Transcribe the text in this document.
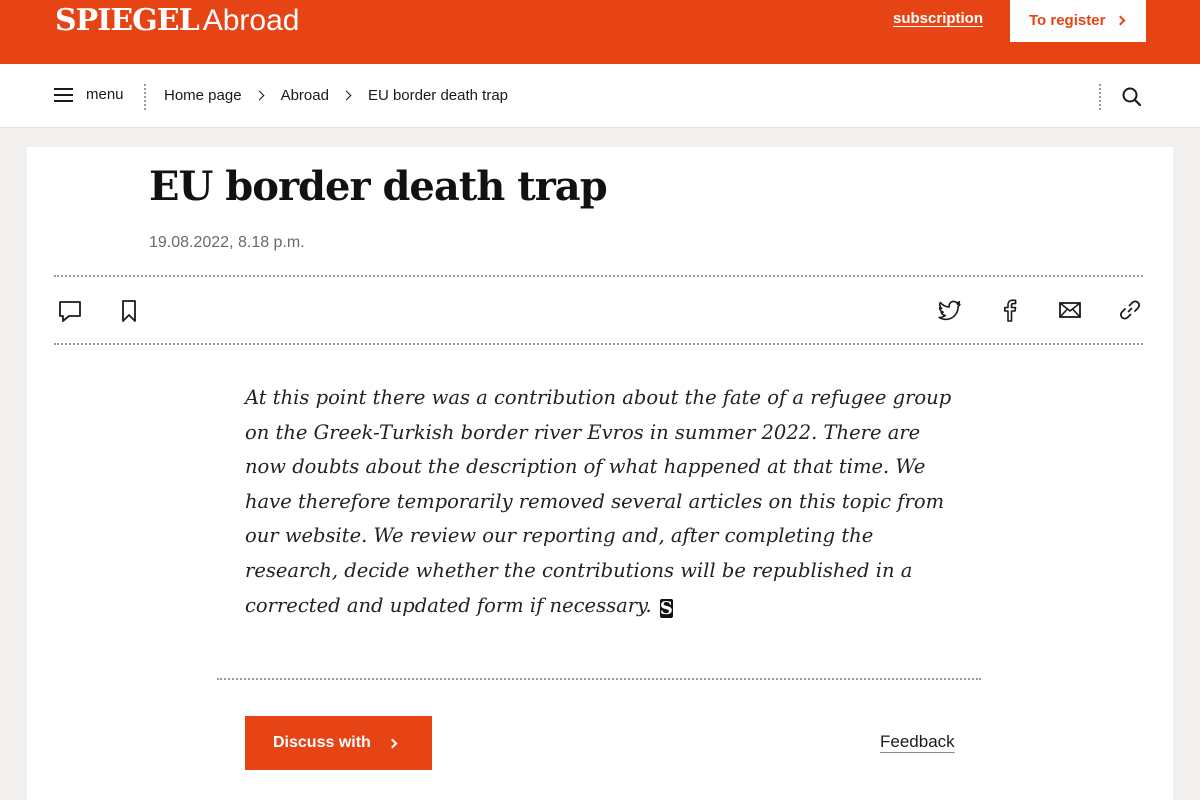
SPIEGEL Abroad	subscription	To register
menu	Home page	Abroad	EU border death trap
EU border death trap
19.08.2022, 8.18 p.m.

At this point there was a contribution about the fate of a refugee group on the Greek-Turkish border river Evros in summer 2022. There are now doubts about the description of what happened at that time. We have therefore temporarily removed several articles on this topic from our website. We review our reporting and, after completing the research, decide whether the contributions will be republished in a corrected and updated form if necessary. S

Discuss with	Feedback
